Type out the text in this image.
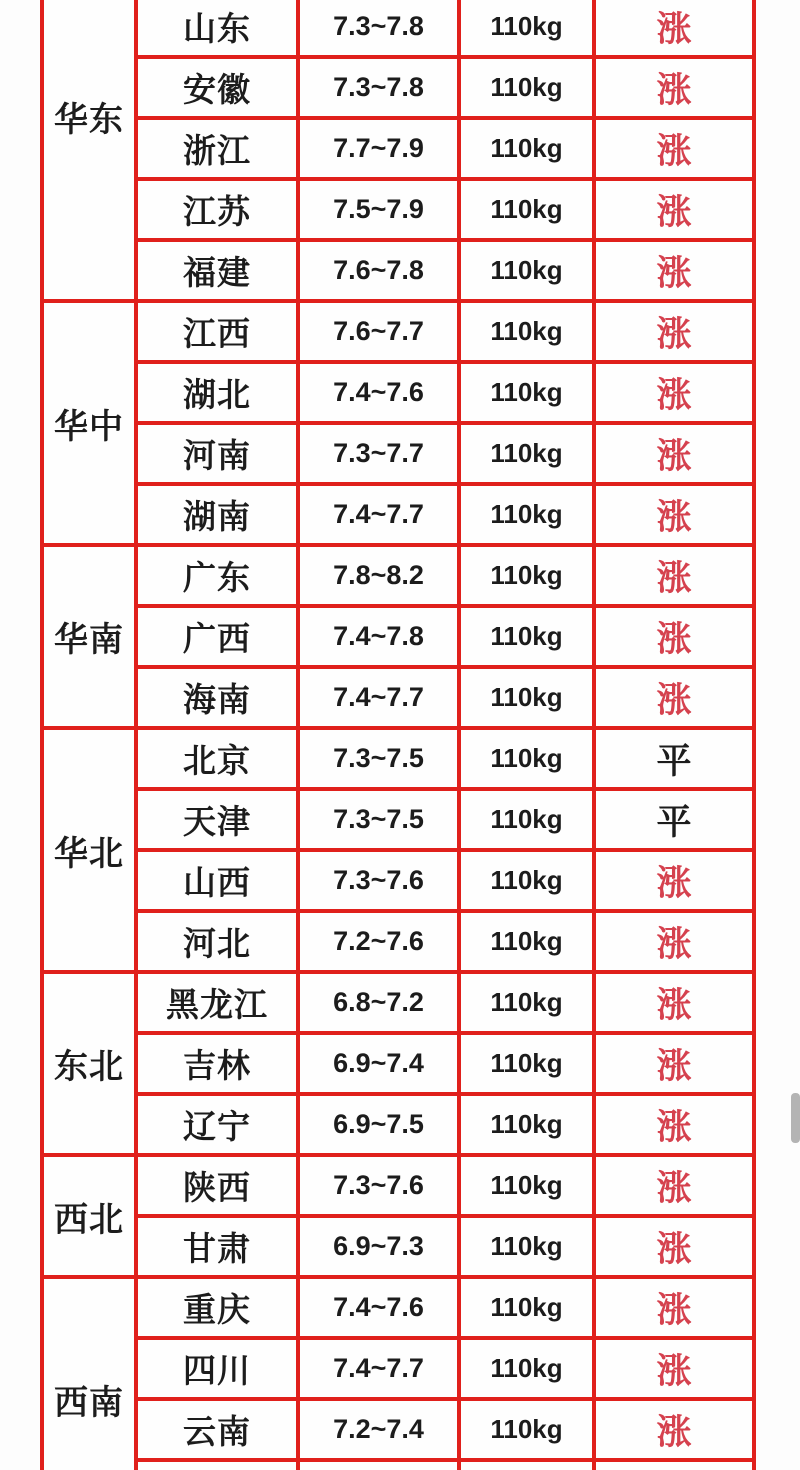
华东
山东	7.3~7.8	110kg	涨
安徽	7.3~7.8	110kg	涨
浙江	7.7~7.9	110kg	涨
江苏	7.5~7.9	110kg	涨
福建	7.6~7.8	110kg	涨
华中
江西	7.6~7.7	110kg	涨
湖北	7.4~7.6	110kg	涨
河南	7.3~7.7	110kg	涨
湖南	7.4~7.7	110kg	涨
华南
广东	7.8~8.2	110kg	涨
广西	7.4~7.8	110kg	涨
海南	7.4~7.7	110kg	涨
华北
北京	7.3~7.5	110kg	平
天津	7.3~7.5	110kg	平
山西	7.3~7.6	110kg	涨
河北	7.2~7.6	110kg	涨
东北
黑龙江	6.8~7.2	110kg	涨
吉林	6.9~7.4	110kg	涨
辽宁	6.9~7.5	110kg	涨
西北
陕西	7.3~7.6	110kg	涨
甘肃	6.9~7.3	110kg	涨
西南
重庆	7.4~7.6	110kg	涨
四川	7.4~7.7	110kg	涨
云南	7.2~7.4	110kg	涨
